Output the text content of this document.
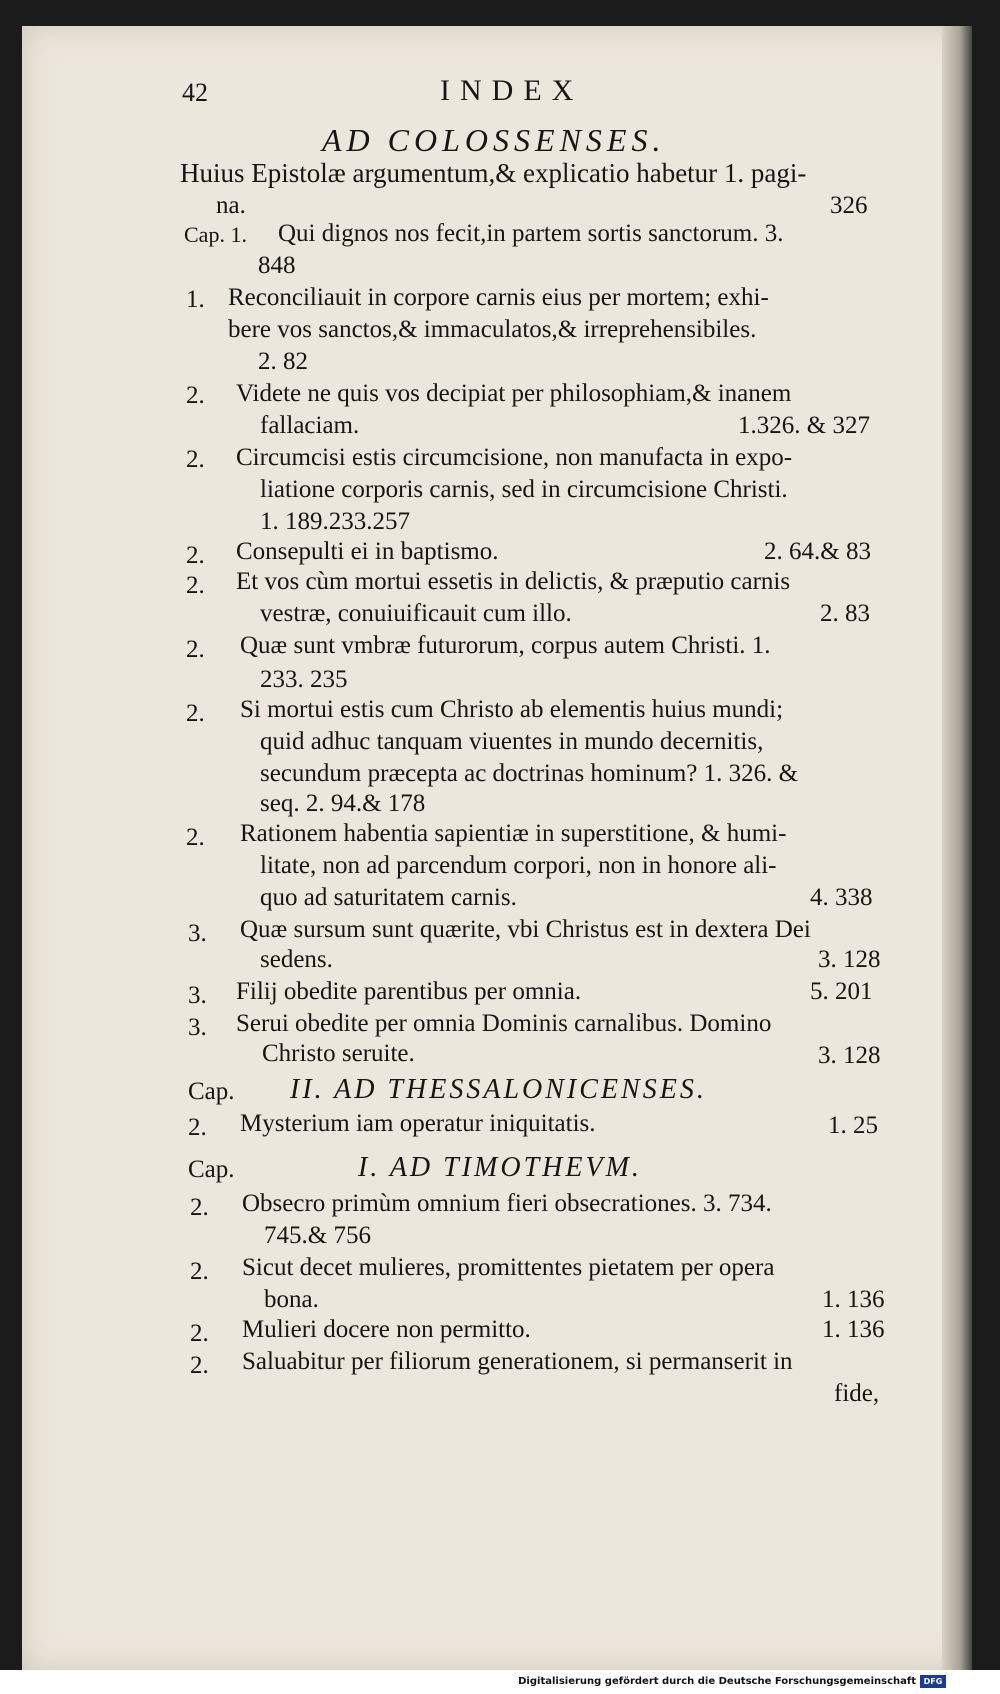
42	INDEX
AD COLOSSENSES.
Huius Epistolæ argumentum,& explicatio habetur 1. pagi-
na.	326
Cap. 1. Qui dignos nos fecit,in partem sortis sanctorum. 3.
848
1. Reconciliauit in corpore carnis eius per mortem; exhi-
bere vos sanctos,& immaculatos,& irreprehensibiles.
2. 82
2. Videte ne quis vos decipiat per philosophiam,& inanem
fallaciam.	1.326. & 327
2. Circumcisi estis circumcisione, non manufacta in expo-
liatione corporis carnis, sed in circumcisione Christi.
1. 189.233.257
2. Consepulti ei in baptismo.	2. 64.& 83
2. Et vos cùm mortui essetis in delictis, & præputio carnis
vestræ, conuiuificauit cum illo.	2. 83
2. Quæ sunt vmbræ futurorum, corpus autem Christi. 1.
233. 235
2. Si mortui estis cum Christo ab elementis huius mundi;
quid adhuc tanquam viuentes in mundo decernitis,
secundum præcepta ac doctrinas hominum? 1. 326. &
seq. 2. 94.& 178
2. Rationem habentia sapientiæ in superstitione, & humi-
litate, non ad parcendum corpori, non in honore ali-
quo ad saturitatem carnis.	4. 338
3. Quæ sursum sunt quærite, vbi Christus est in dextera Dei
sedens.	3. 128
3. Filij obedite parentibus per omnia.	5. 201
3. Serui obedite per omnia Dominis carnalibus. Domino
Christo seruite.	3. 128
Cap. II. AD THESSALONICENSES.
2. Mysterium iam operatur iniquitatis.	1. 25
Cap.	I. AD TIMOTHEVM.
2. Obsecro primùm omnium fieri obsecrationes. 3. 734.
745.& 756
2. Sicut decet mulieres, promittentes pietatem per opera
bona.	1. 136
2. Mulieri docere non permitto.	1. 136
2. Saluabitur per filiorum generationem, si permanserit in
fide,
Digitalisierung gefördert durch die Deutsche Forschungsgemeinschaft DFG
